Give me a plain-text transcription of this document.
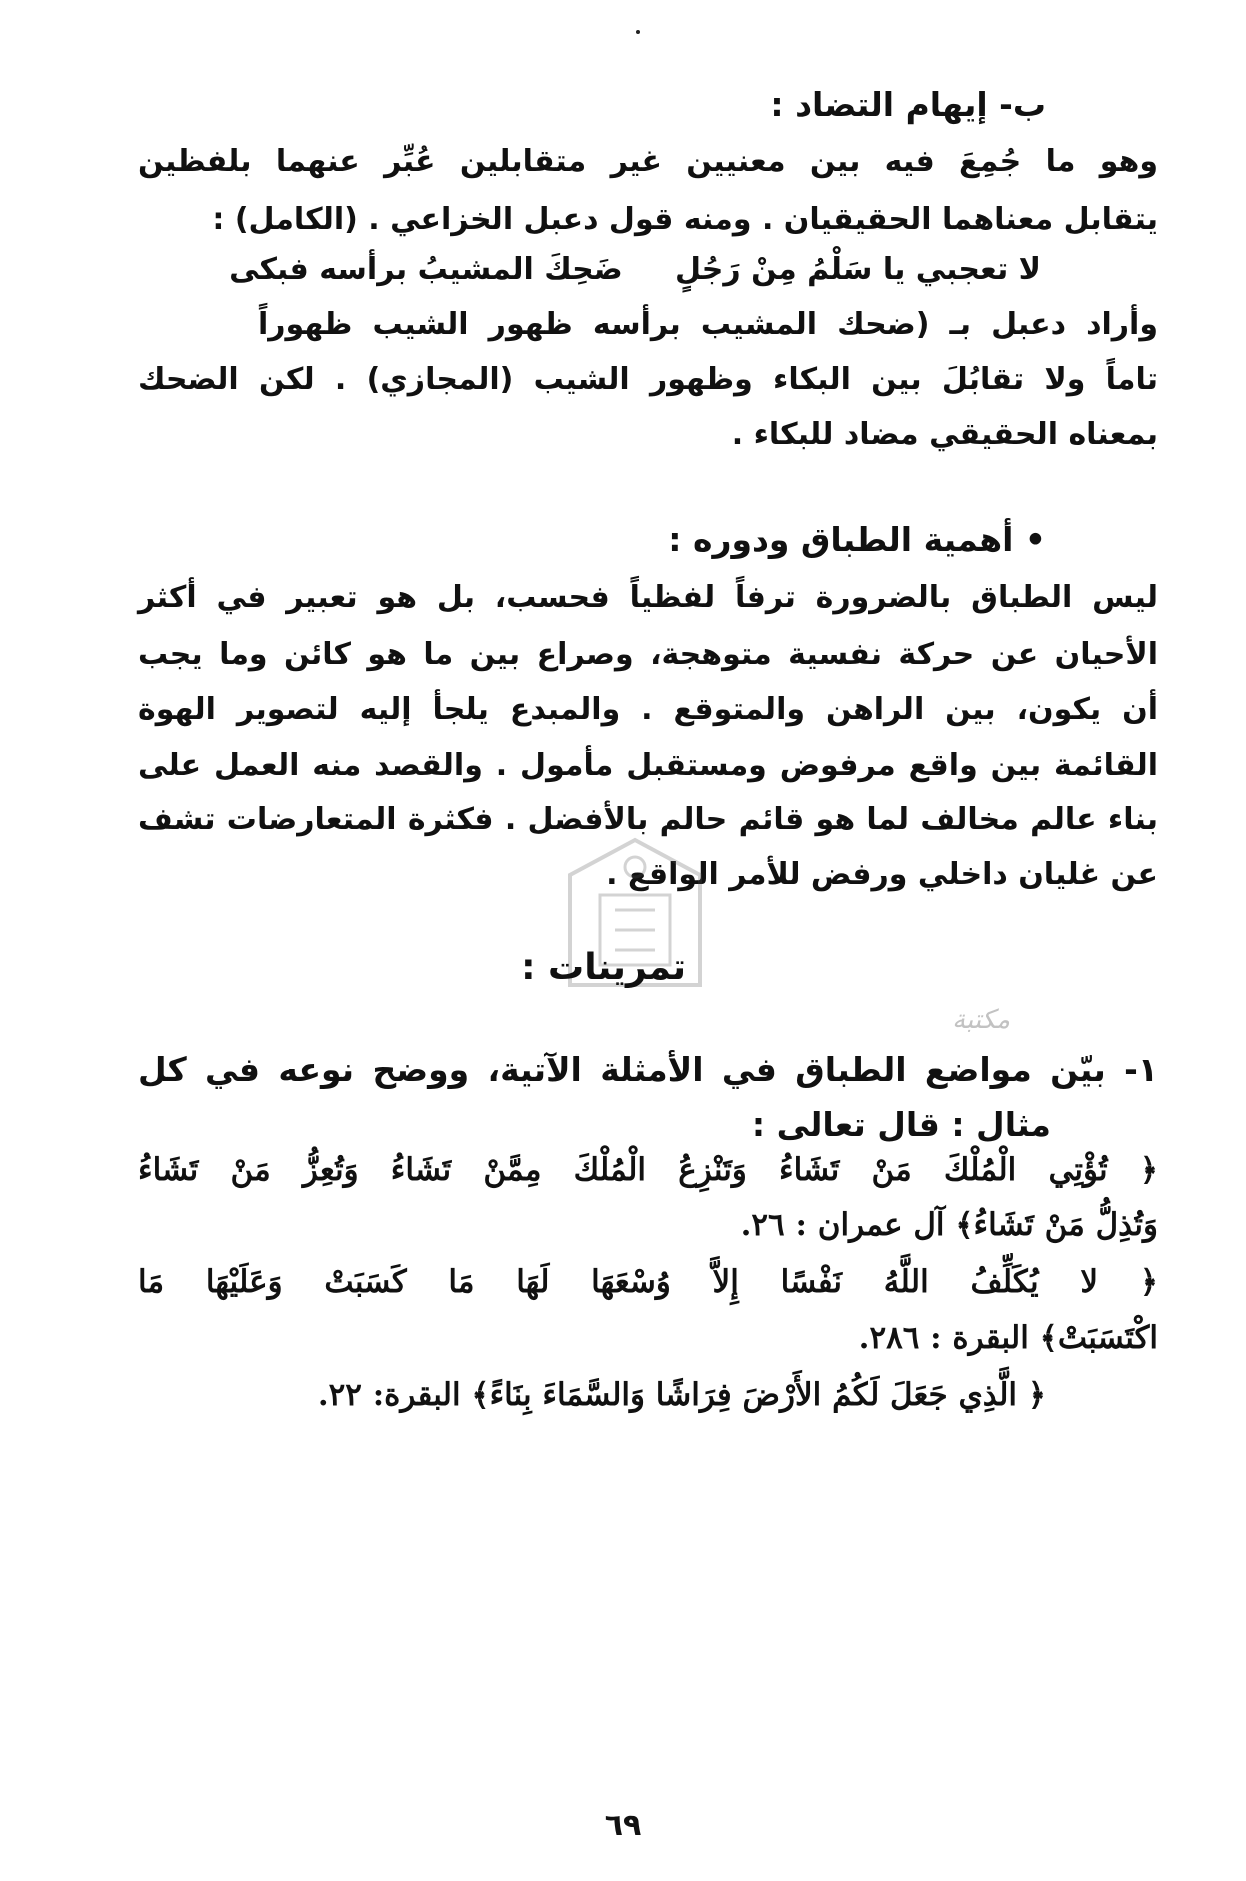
ب- إيهام التضاد :
وهو ما جُمِعَ فيه بين معنيين غير متقابلين عُبِّر عنهما بلفظين
يتقابل معناهما الحقيقيان . ومنه قول دعبل الخزاعي . (الكامل) :
لا تعجبي يا سَلْمُ مِنْ رَجُلٍ     ضَحِكَ المشيبُ برأسه فبكى
وأراد دعبل بـ (ضحك المشيب برأسه ظهور الشيب ظهوراً
تاماً ولا تقابُلَ بين البكاء وظهور الشيب (المجازي) . لكن الضحك
بمعناه الحقيقي مضاد للبكاء .
• أهمية الطباق ودوره :
ليس الطباق بالضرورة ترفاً لفظياً فحسب، بل هو تعبير في أكثر
الأحيان عن حركة نفسية متوهجة، وصراع بين ما هو كائن وما يجب
أن يكون، بين الراهن والمتوقع . والمبدع يلجأ إليه لتصوير الهوة
القائمة بين واقع مرفوض ومستقبل مأمول . والقصد منه العمل على
بناء عالم مخالف لما هو قائم حالم بالأفضل . فكثرة المتعارضات تشف
عن غليان داخلي ورفض للأمر الواقع .
مكتبة
تمرينات :
١- بيّن مواضع الطباق في الأمثلة الآتية، ووضح نوعه في كل
مثال : قال تعالى :
﴿ تُؤْتِي الْمُلْكَ مَنْ تَشَاءُ وَتَنْزِعُ الْمُلْكَ مِمَّنْ تَشَاءُ وَتُعِزُّ مَنْ تَشَاءُ
وَتُذِلُّ مَنْ تَشَاءُ﴾ آل عمران : ٢٦.
﴿ لا يُكَلِّفُ اللَّهُ نَفْسًا إِلاَّ وُسْعَهَا لَهَا مَا كَسَبَتْ وَعَلَيْهَا مَا
اكْتَسَبَتْ﴾ البقرة : ٢٨٦.
﴿ الَّذِي جَعَلَ لَكُمُ الأَرْضَ فِرَاشًا وَالسَّمَاءَ بِنَاءً﴾ البقرة: ٢٢.
٦٩
